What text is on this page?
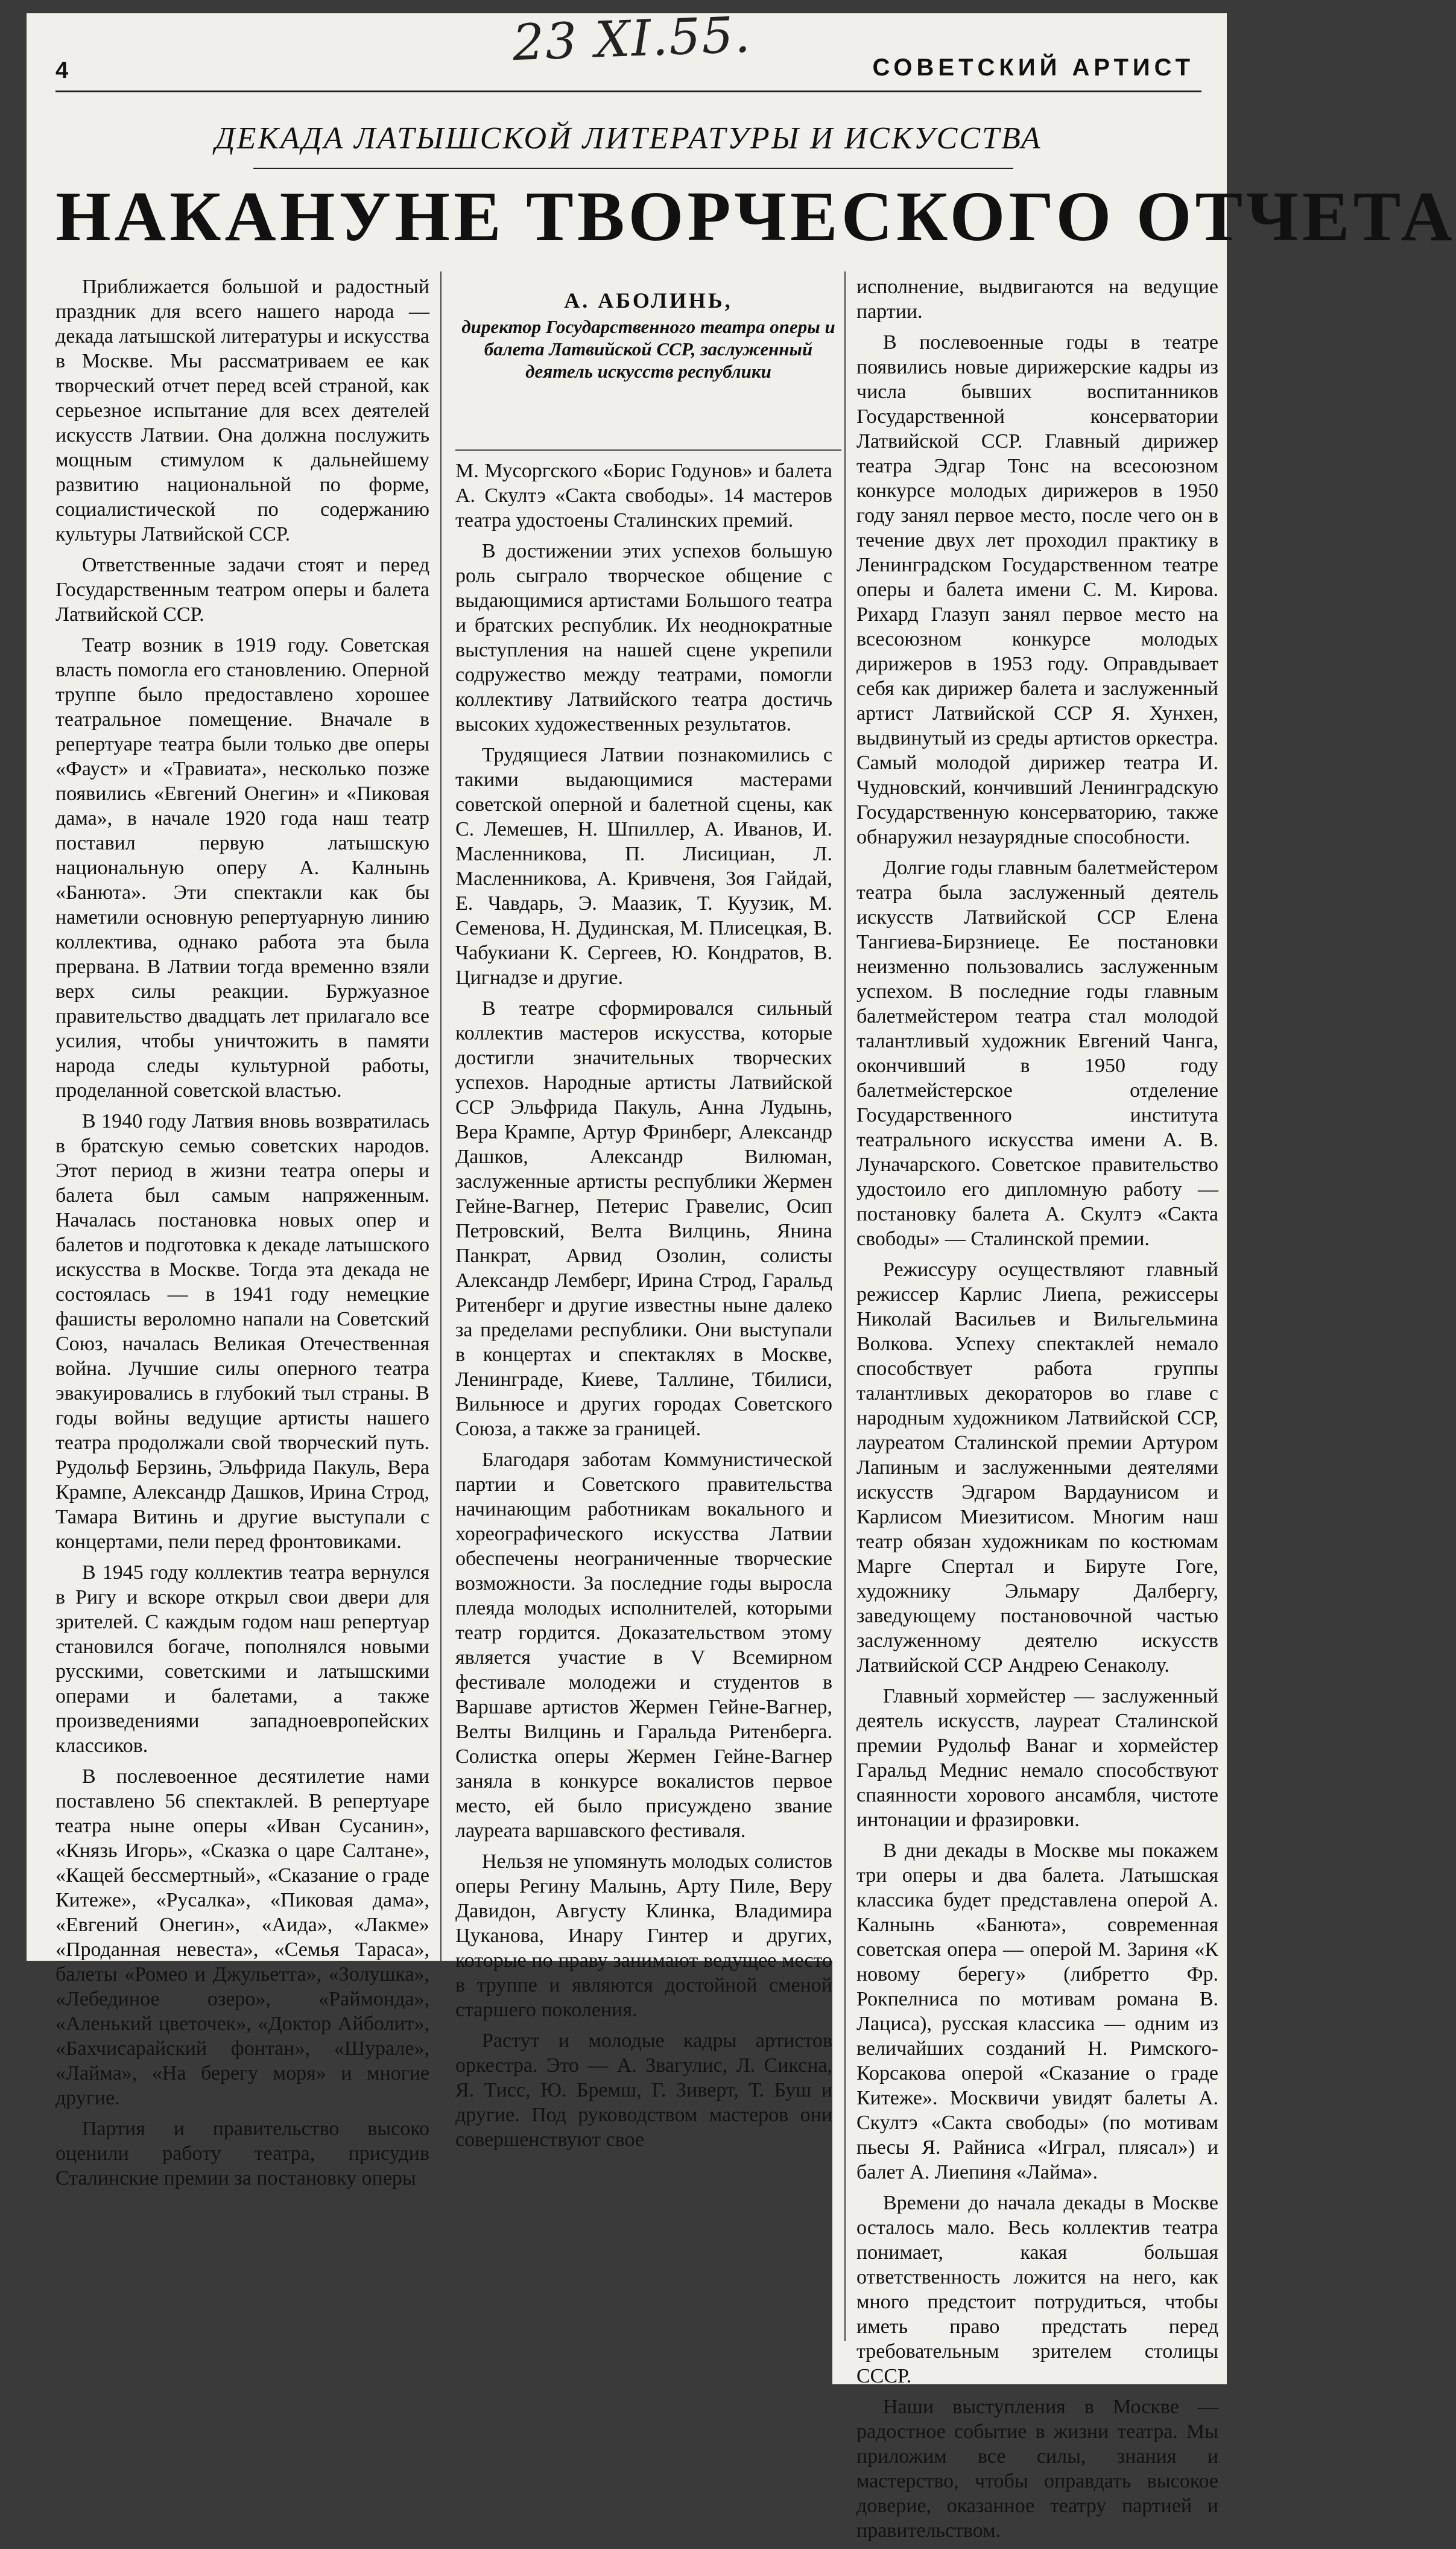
23 XI.55.
4	СОВЕТСКИЙ АРТИСТ
ДЕКАДА ЛАТЫШСКОЙ ЛИТЕРАТУРЫ И ИСКУССТВА
НАКАНУНЕ ТВОРЧЕСКОГО ОТЧЕТА

Приближается большой и радостный праздник для всего нашего народа — декада латышской литературы и искусства в Москве. Мы рассматриваем ее как творческий отчет перед всей страной, как серьезное испытание для всех деятелей искусств Латвии. Она должна послужить мощным стимулом к дальнейшему развитию национальной по форме, социалистической по содержанию культуры Латвийской ССР.

Ответственные задачи стоят и перед Государственным театром оперы и балета Латвийской ССР.

Театр возник в 1919 году. Советская власть помогла его становлению. Оперной труппе было предоставлено хорошее театральное помещение. Вначале в репертуаре театра были только две оперы «Фауст» и «Травиата», несколько позже появились «Евгений Онегин» и «Пиковая дама», в начале 1920 года наш театр поставил первую латышскую национальную оперу А. Калнынь «Банюта». Эти спектакли как бы наметили основную репертуарную линию коллектива, однако работа эта была прервана. В Латвии тогда временно взяли верх силы реакции. Буржуазное правительство двадцать лет прилагало все усилия, чтобы уничтожить в памяти народа следы культурной работы, проделанной советской властью.

В 1940 году Латвия вновь возвратилась в братскую семью советских народов. Этот период в жизни театра оперы и балета был самым напряженным. Началась постановка новых опер и балетов и подготовка к декаде латышского искусства в Москве. Тогда эта декада не состоялась — в 1941 году немецкие фашисты вероломно напали на Советский Союз, началась Великая Отечественная война. Лучшие силы оперного театра эвакуировались в глубокий тыл страны. В годы войны ведущие артисты нашего театра продолжали свой творческий путь. Рудольф Берзинь, Эльфрида Пакуль, Вера Крампе, Александр Дашков, Ирина Строд, Тамара Витинь и другие выступали с концертами, пели перед фронтовиками.

В 1945 году коллектив театра вернулся в Ригу и вскоре открыл свои двери для зрителей. С каждым годом наш репертуар становился богаче, пополнялся новыми русскими, советскими и латышскими операми и балетами, а также произведениями западноевропейских классиков.

В послевоенное десятилетие нами поставлено 56 спектаклей. В репертуаре театра ныне оперы «Иван Сусанин», «Князь Игорь», «Сказка о царе Салтане», «Кащей бессмертный», «Сказание о граде Китеже», «Русалка», «Пиковая дама», «Евгений Онегин», «Аида», «Лакме» «Проданная невеста», «Семья Тараса», балеты «Ромео и Джульетта», «Золушка», «Лебединое озеро», «Раймонда», «Аленький цветочек», «Доктор Айболит», «Бахчисарайский фонтан», «Шурале», «Лайма», «На берегу моря» и многие другие.

Партия и правительство высоко оценили работу театра, присудив Сталинские премии за постановку оперы

А. АБОЛИНЬ,
директор Государственного театра оперы и балета Латвийской ССР, заслуженный деятель искусств республики

М. Мусоргского «Борис Годунов» и балета А. Скултэ «Сакта свободы». 14 мастеров театра удостоены Сталинских премий.

В достижении этих успехов большую роль сыграло творческое общение с выдающимися артистами Большого театра и братских республик. Их неоднократные выступления на нашей сцене укрепили содружество между театрами, помогли коллективу Латвийского театра достичь высоких художественных результатов.

Трудящиеся Латвии познакомились с такими выдающимися мастерами советской оперной и балетной сцены, как С. Лемешев, Н. Шпиллер, А. Иванов, И. Масленникова, П. Лисициан, Л. Масленникова, А. Кривченя, Зоя Гайдай, Е. Чавдарь, Э. Маазик, Т. Куузик, М. Семенова, Н. Дудинская, М. Плисецкая, В. Чабукиани К. Сергеев, Ю. Кондратов, В. Цигнадзе и другие.

В театре сформировался сильный коллектив мастеров искусства, которые достигли значительных творческих успехов. Народные артисты Латвийской ССР Эльфрида Пакуль, Анна Лудынь, Вера Крампе, Артур Фринберг, Александр Дашков, Александр Вилюман, заслуженные артисты республики Жермен Гейне-Вагнер, Петерис Гравелис, Осип Петровский, Велта Вилцинь, Янина Панкрат, Арвид Озолин, солисты Александр Лемберг, Ирина Строд, Гаральд Ритенберг и другие известны ныне далеко за пределами республики. Они выступали в концертах и спектаклях в Москве, Ленинграде, Киеве, Таллине, Тбилиси, Вильнюсе и других городах Советского Союза, а также за границей.

Благодаря заботам Коммунистической партии и Советского правительства начинающим работникам вокального и хореографического искусства Латвии обеспечены неограниченные творческие возможности. За последние годы выросла плеяда молодых исполнителей, которыми театр гордится. Доказательством этому является участие в V Всемирном фестивале молодежи и студентов в Варшаве артистов Жермен Гейне-Вагнер, Велты Вилцинь и Гаральда Ритенберга. Солистка оперы Жермен Гейне-Вагнер заняла в конкурсе вокалистов первое место, ей было присуждено звание лауреата варшавского фестиваля.

Нельзя не упомянуть молодых солистов оперы Регину Малынь, Арту Пиле, Веру Давидон, Августу Клинка, Владимира Цуканова, Инару Гинтер и других, которые по праву занимают ведущее место в труппе и являются достойной сменой старшего поколения.

Растут и молодые кадры артистов оркестра. Это — А. Звагулис, Л. Сиксна, Я. Тисс, Ю. Бремш, Г. Зиверт, Т. Буш и другие. Под руководством мастеров они совершенствуют свое

исполнение, выдвигаются на ведущие партии.

В послевоенные годы в театре появились новые дирижерские кадры из числа бывших воспитанников Государственной консерватории Латвийской ССР. Главный дирижер театра Эдгар Тонс на всесоюзном конкурсе молодых дирижеров в 1950 году занял первое место, после чего он в течение двух лет проходил практику в Ленинградском Государственном театре оперы и балета имени С. М. Кирова. Рихард Глазуп занял первое место на всесоюзном конкурсе молодых дирижеров в 1953 году. Оправдывает себя как дирижер балета и заслуженный артист Латвийской ССР Я. Хунхен, выдвинутый из среды артистов оркестра. Самый молодой дирижер театра И. Чудновский, кончивший Ленинградскую Государственную консерваторию, также обнаружил незаурядные способности.

Долгие годы главным балетмейстером театра была заслуженный деятель искусств Латвийской ССР Елена Тангиева-Бирзниеце. Ее постановки неизменно пользовались заслуженным успехом. В последние годы главным балетмейстером театра стал молодой талантливый художник Евгений Чанга, окончивший в 1950 году балетмейстерское отделение Государственного института театрального искусства имени А. В. Луначарского. Советское правительство удостоило его дипломную работу — постановку балета А. Скултэ «Сакта свободы» — Сталинской премии.

Режиссуру осуществляют главный режиссер Карлис Лиепа, режиссеры Николай Васильев и Вильгельмина Волкова. Успеху спектаклей немало способствует работа группы талантливых декораторов во главе с народным художником Латвийской ССР, лауреатом Сталинской премии Артуром Лапиным и заслуженными деятелями искусств Эдгаром Вардаунисом и Карлисом Миезитисом. Многим наш театр обязан художникам по костюмам Марге Спертал и Бируте Гоге, художнику Эльмару Далбергу, заведующему постановочной частью заслуженному деятелю искусств Латвийской ССР Андрею Сенаколу.

Главный хормейстер — заслуженный деятель искусств, лауреат Сталинской премии Рудольф Ванаг и хормейстер Гаральд Меднис немало способствуют спаянности хорового ансамбля, чистоте интонации и фразировки.

В дни декады в Москве мы покажем три оперы и два балета. Латышская классика будет представлена оперой А. Калнынь «Банюта», современная советская опера — оперой М. Зариня «К новому берегу» (либретто Фр. Рокпелниса по мотивам романа В. Лациса), русская классика — одним из величайших созданий Н. Римского-Корсакова оперой «Сказание о граде Китеже». Москвичи увидят балеты А. Скултэ «Сакта свободы» (по мотивам пьесы Я. Райниса «Играл, плясал») и балет А. Лиепиня «Лайма».

Времени до начала декады в Москве осталось мало. Весь коллектив театра понимает, какая большая ответственность ложится на него, как много предстоит потрудиться, чтобы иметь право предстать перед требовательным зрителем столицы СССР.

Наши выступления в Москве — радостное событие в жизни театра. Мы приложим все силы, знания и мастерство, чтобы оправдать высокое доверие, оказанное театру партией и правительством.
